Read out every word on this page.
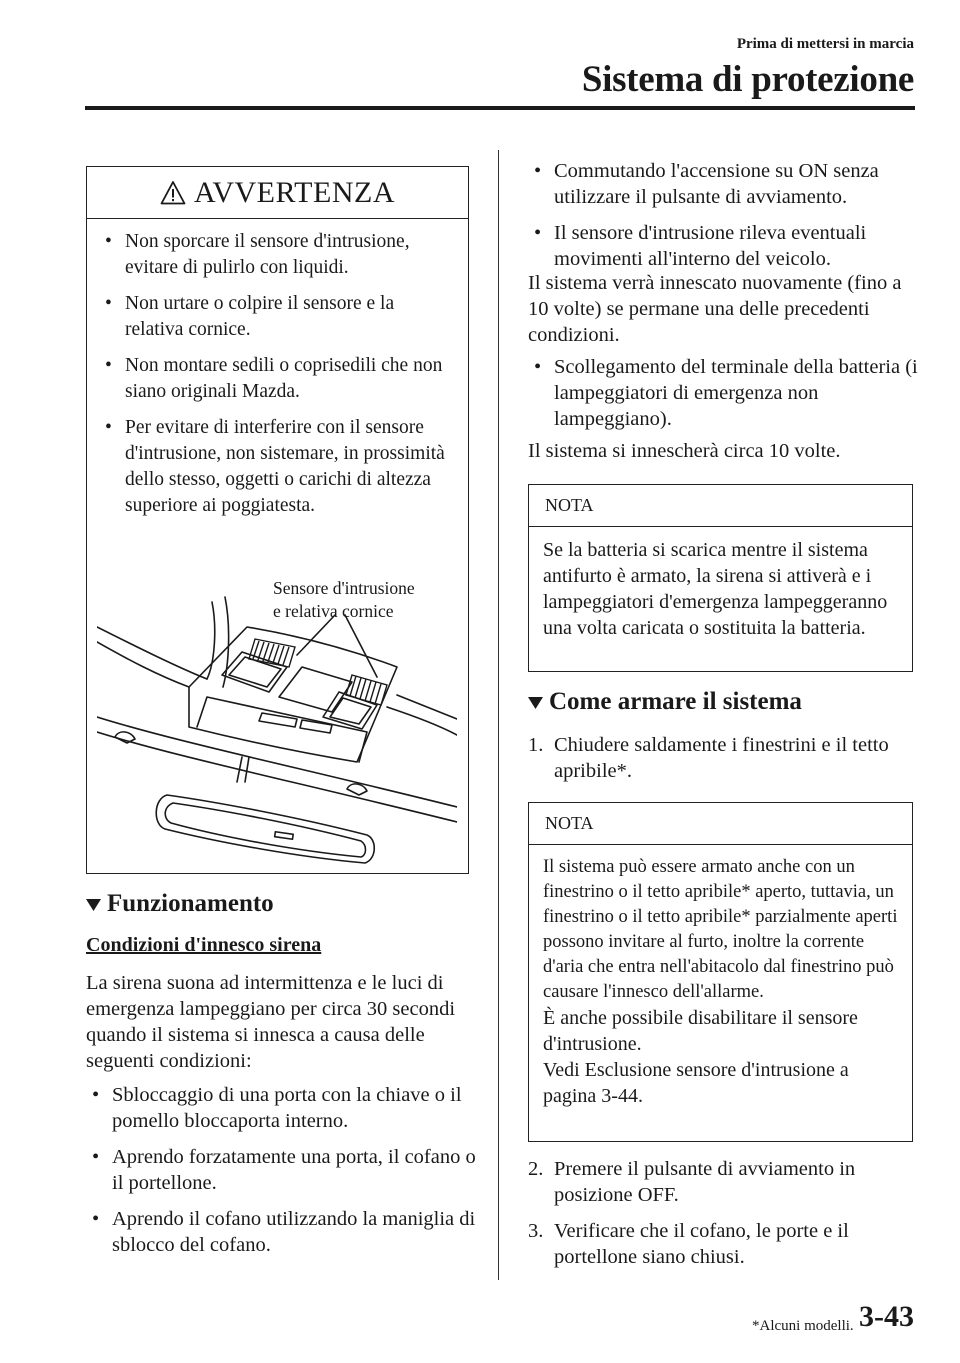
Prima di mettersi in marcia
Sistema di protezione
AVVERTENZA
• Non sporcare il sensore d'intrusione, evitare di pulirlo con liquidi.
• Non urtare o colpire il sensore e la relativa cornice.
• Non montare sedili o coprisedili che non siano originali Mazda.
• Per evitare di interferire con il sensore d'intrusione, non sistemare, in prossimità dello stesso, oggetti o carichi di altezza superiore ai poggiatesta.
Sensore d'intrusione
e relativa cornice
Funzionamento
Condizioni d'innesco sirena
La sirena suona ad intermittenza e le luci di emergenza lampeggiano per circa 30 secondi quando il sistema si innesca a causa delle seguenti condizioni:
• Sbloccaggio di una porta con la chiave o il pomello bloccaporta interno.
• Aprendo forzatamente una porta, il cofano o il portellone.
• Aprendo il cofano utilizzando la maniglia di sblocco del cofano.
• Commutando l'accensione su ON senza utilizzare il pulsante di avviamento.
• Il sensore d'intrusione rileva eventuali movimenti all'interno del veicolo.
Il sistema verrà innescato nuovamente (fino a 10 volte) se permane una delle precedenti condizioni.
• Scollegamento del terminale della batteria (i lampeggiatori di emergenza non lampeggiano).
Il sistema si innescherà circa 10 volte.
NOTA
Se la batteria si scarica mentre il sistema antifurto è armato, la sirena si attiverà e i lampeggiatori d'emergenza lampeggeranno una volta caricata o sostituita la batteria.
Come armare il sistema
1. Chiudere saldamente i finestrini e il tetto apribile*.
NOTA
Il sistema può essere armato anche con un finestrino o il tetto apribile* aperto, tuttavia, un finestrino o il tetto apribile* parzialmente aperti possono invitare al furto, inoltre la corrente d'aria che entra nell'abitacolo dal finestrino può causare l'innesco dell'allarme.
È anche possibile disabilitare il sensore d'intrusione.
Vedi Esclusione sensore d'intrusione a pagina 3-44.
2. Premere il pulsante di avviamento in posizione OFF.
3. Verificare che il cofano, le porte e il portellone siano chiusi.
*Alcuni modelli. 3-43
